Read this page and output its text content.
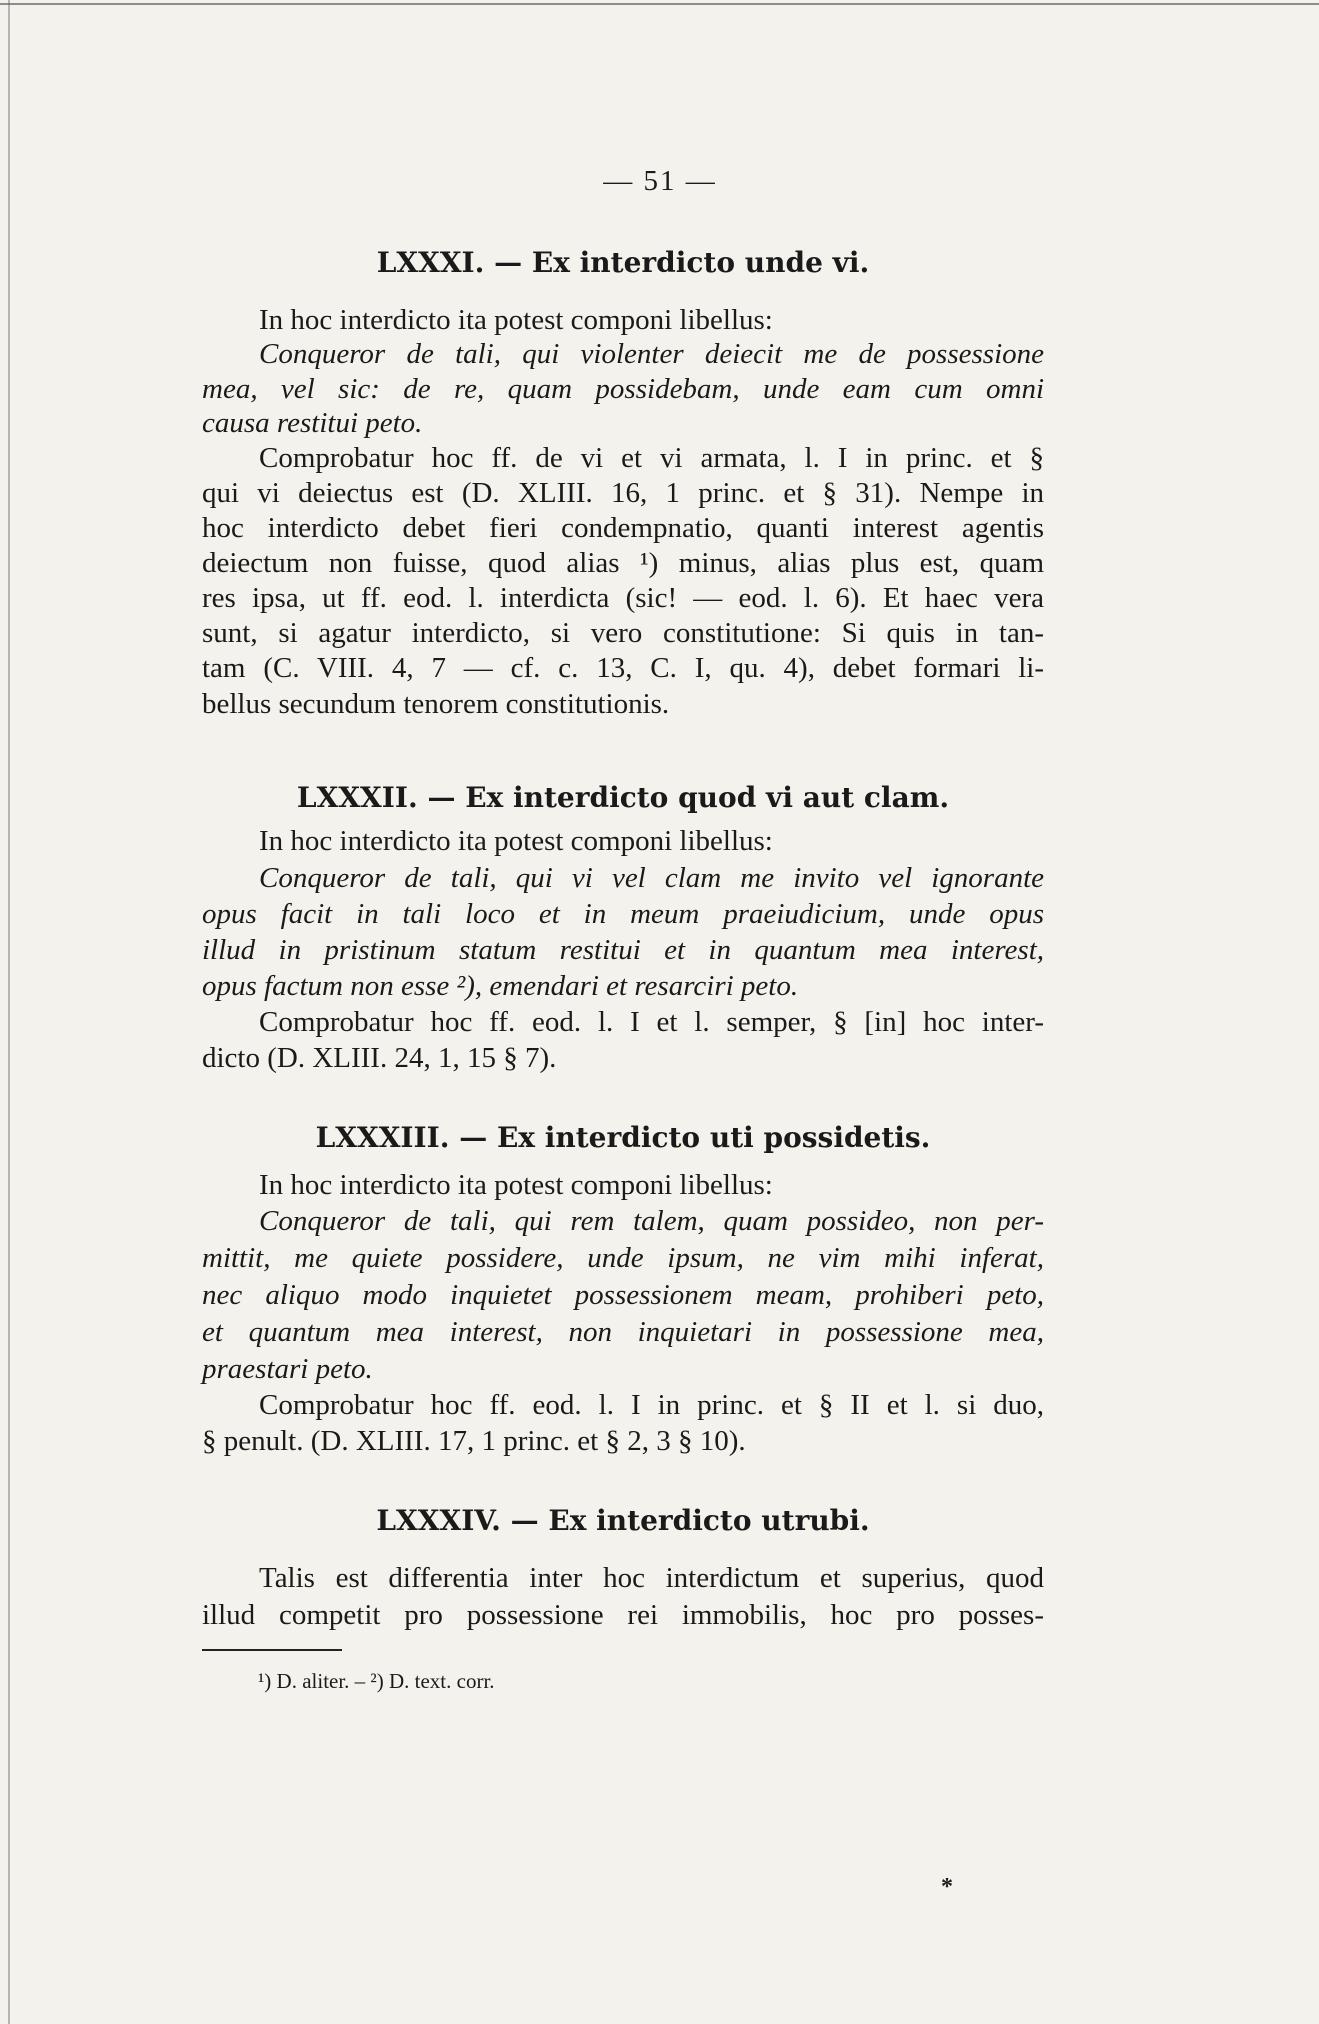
— 51 —
LXXXI. — Ex interdicto unde vi.
In hoc interdicto ita potest componi libellus:
Conqueror de tali, qui violenter deiecit me de possessione
mea, vel sic: de re, quam possidebam, unde eam cum omni
causa restitui peto.
Comprobatur hoc ff. de vi et vi armata, l. I in princ. et §
qui vi deiectus est (D. XLIII. 16, 1 princ. et § 31). Nempe in
hoc interdicto debet fieri condempnatio, quanti interest agentis
deiectum non fuisse, quod alias ¹) minus, alias plus est, quam
res ipsa, ut ff. eod. l. interdicta (sic! — eod. l. 6). Et haec vera
sunt, si agatur interdicto, si vero constitutione: Si quis in tan-
tam (C. VIII. 4, 7 — cf. c. 13, C. I, qu. 4), debet formari li-
bellus secundum tenorem constitutionis.
LXXXII. — Ex interdicto quod vi aut clam.
In hoc interdicto ita potest componi libellus:
Conqueror de tali, qui vi vel clam me invito vel ignorante
opus facit in tali loco et in meum praeiudicium, unde opus
illud in pristinum statum restitui et in quantum mea interest,
opus factum non esse ²), emendari et resarciri peto.
Comprobatur hoc ff. eod. l. I et l. semper, § [in] hoc inter-
dicto (D. XLIII. 24, 1, 15 § 7).
LXXXIII. — Ex interdicto uti possidetis.
In hoc interdicto ita potest componi libellus:
Conqueror de tali, qui rem talem, quam possideo, non per-
mittit, me quiete possidere, unde ipsum, ne vim mihi inferat,
nec aliquo modo inquietet possessionem meam, prohiberi peto,
et quantum mea interest, non inquietari in possessione mea,
praestari peto.
Comprobatur hoc ff. eod. l. I in princ. et § II et l. si duo,
§ penult. (D. XLIII. 17, 1 princ. et § 2, 3 § 10).
LXXXIV. — Ex interdicto utrubi.
Talis est differentia inter hoc interdictum et superius, quod
illud competit pro possessione rei immobilis, hoc pro posses-
¹) D. aliter. – ²) D. text. corr.
*
